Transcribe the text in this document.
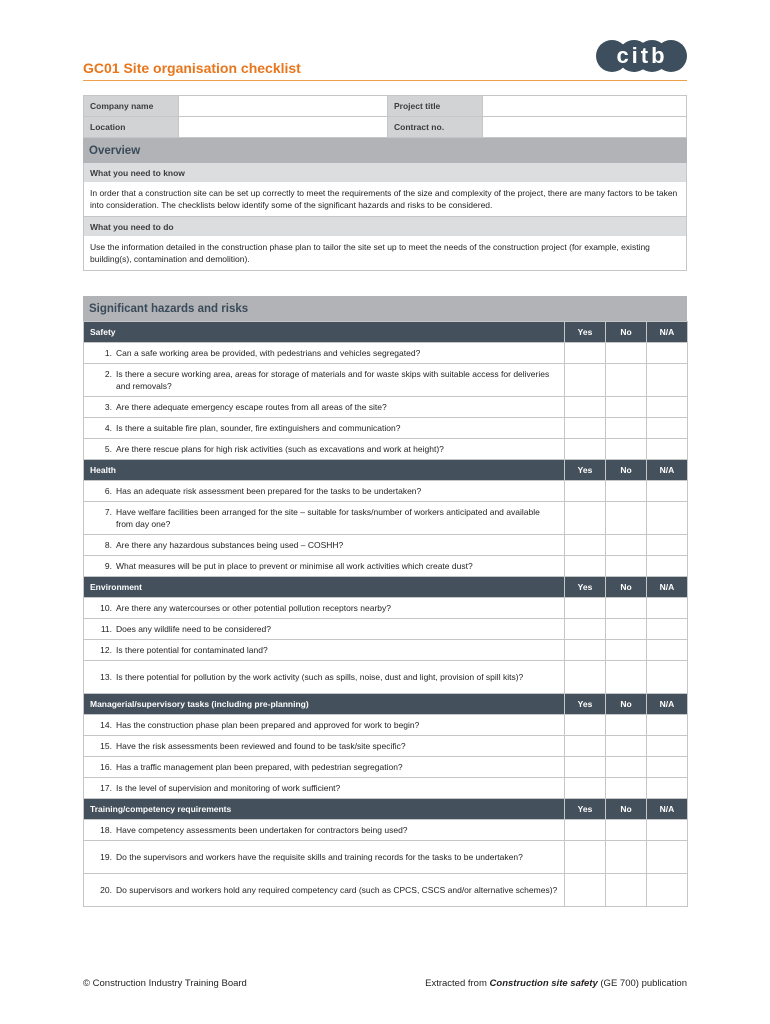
GC01 Site organisation checklist	citb
Company name		Project title	
Location		Contract no.	
Overview
What you need to know
In order that a construction site can be set up correctly to meet the requirements of the size and complexity of the project, there are many factors to be taken into consideration. The checklists below identify some of the significant hazards and risks to be considered.
What you need to do
Use the information detailed in the construction phase plan to tailor the site set up to meet the needs of the construction project (for example, existing building(s), contamination and demolition).
Significant hazards and risks
Safety	Yes	No	N/A

1. Can a safe working area be provided, with pedestrians and vehicles segregated?			

2. Is there a secure working area, areas for storage of materials and for waste skips with suitable access for deliveries and removals?			

3. Are there adequate emergency escape routes from all areas of the site?			

4. Is there a suitable fire plan, sounder, fire extinguishers and communication?			

5. Are there rescue plans for high risk activities (such as excavations and work at height)?			

Health	Yes	No	N/A

6. Has an adequate risk assessment been prepared for the tasks to be undertaken?			

7. Have welfare facilities been arranged for the site – suitable for tasks/number of workers anticipated and available from day one?			

8. Are there any hazardous substances being used – COSHH?			

9. What measures will be put in place to prevent or minimise all work activities which create dust?			

Environment	Yes	No	N/A

10. Are there any watercourses or other potential pollution receptors nearby?			

11. Does any wildlife need to be considered?			

12. Is there potential for contaminated land?			

13. Is there potential for pollution by the work activity (such as spills, noise, dust and light, provision of spill kits)?			

Managerial/supervisory tasks (including pre-planning)	Yes	No	N/A

14. Has the construction phase plan been prepared and approved for work to begin?			

15. Have the risk assessments been reviewed and found to be task/site specific?			

16. Has a traffic management plan been prepared, with pedestrian segregation?			

17. Is the level of supervision and monitoring of work sufficient?			

Training/competency requirements	Yes	No	N/A

18. Have competency assessments been undertaken for contractors being used?			

19. Do the supervisors and workers have the requisite skills and training records for the tasks to be undertaken?			

20. Do supervisors and workers hold any required competency card (such as CPCS, CSCS and/or alternative schemes)?			

© Construction Industry Training Board	Extracted from Construction site safety (GE 700) publication
